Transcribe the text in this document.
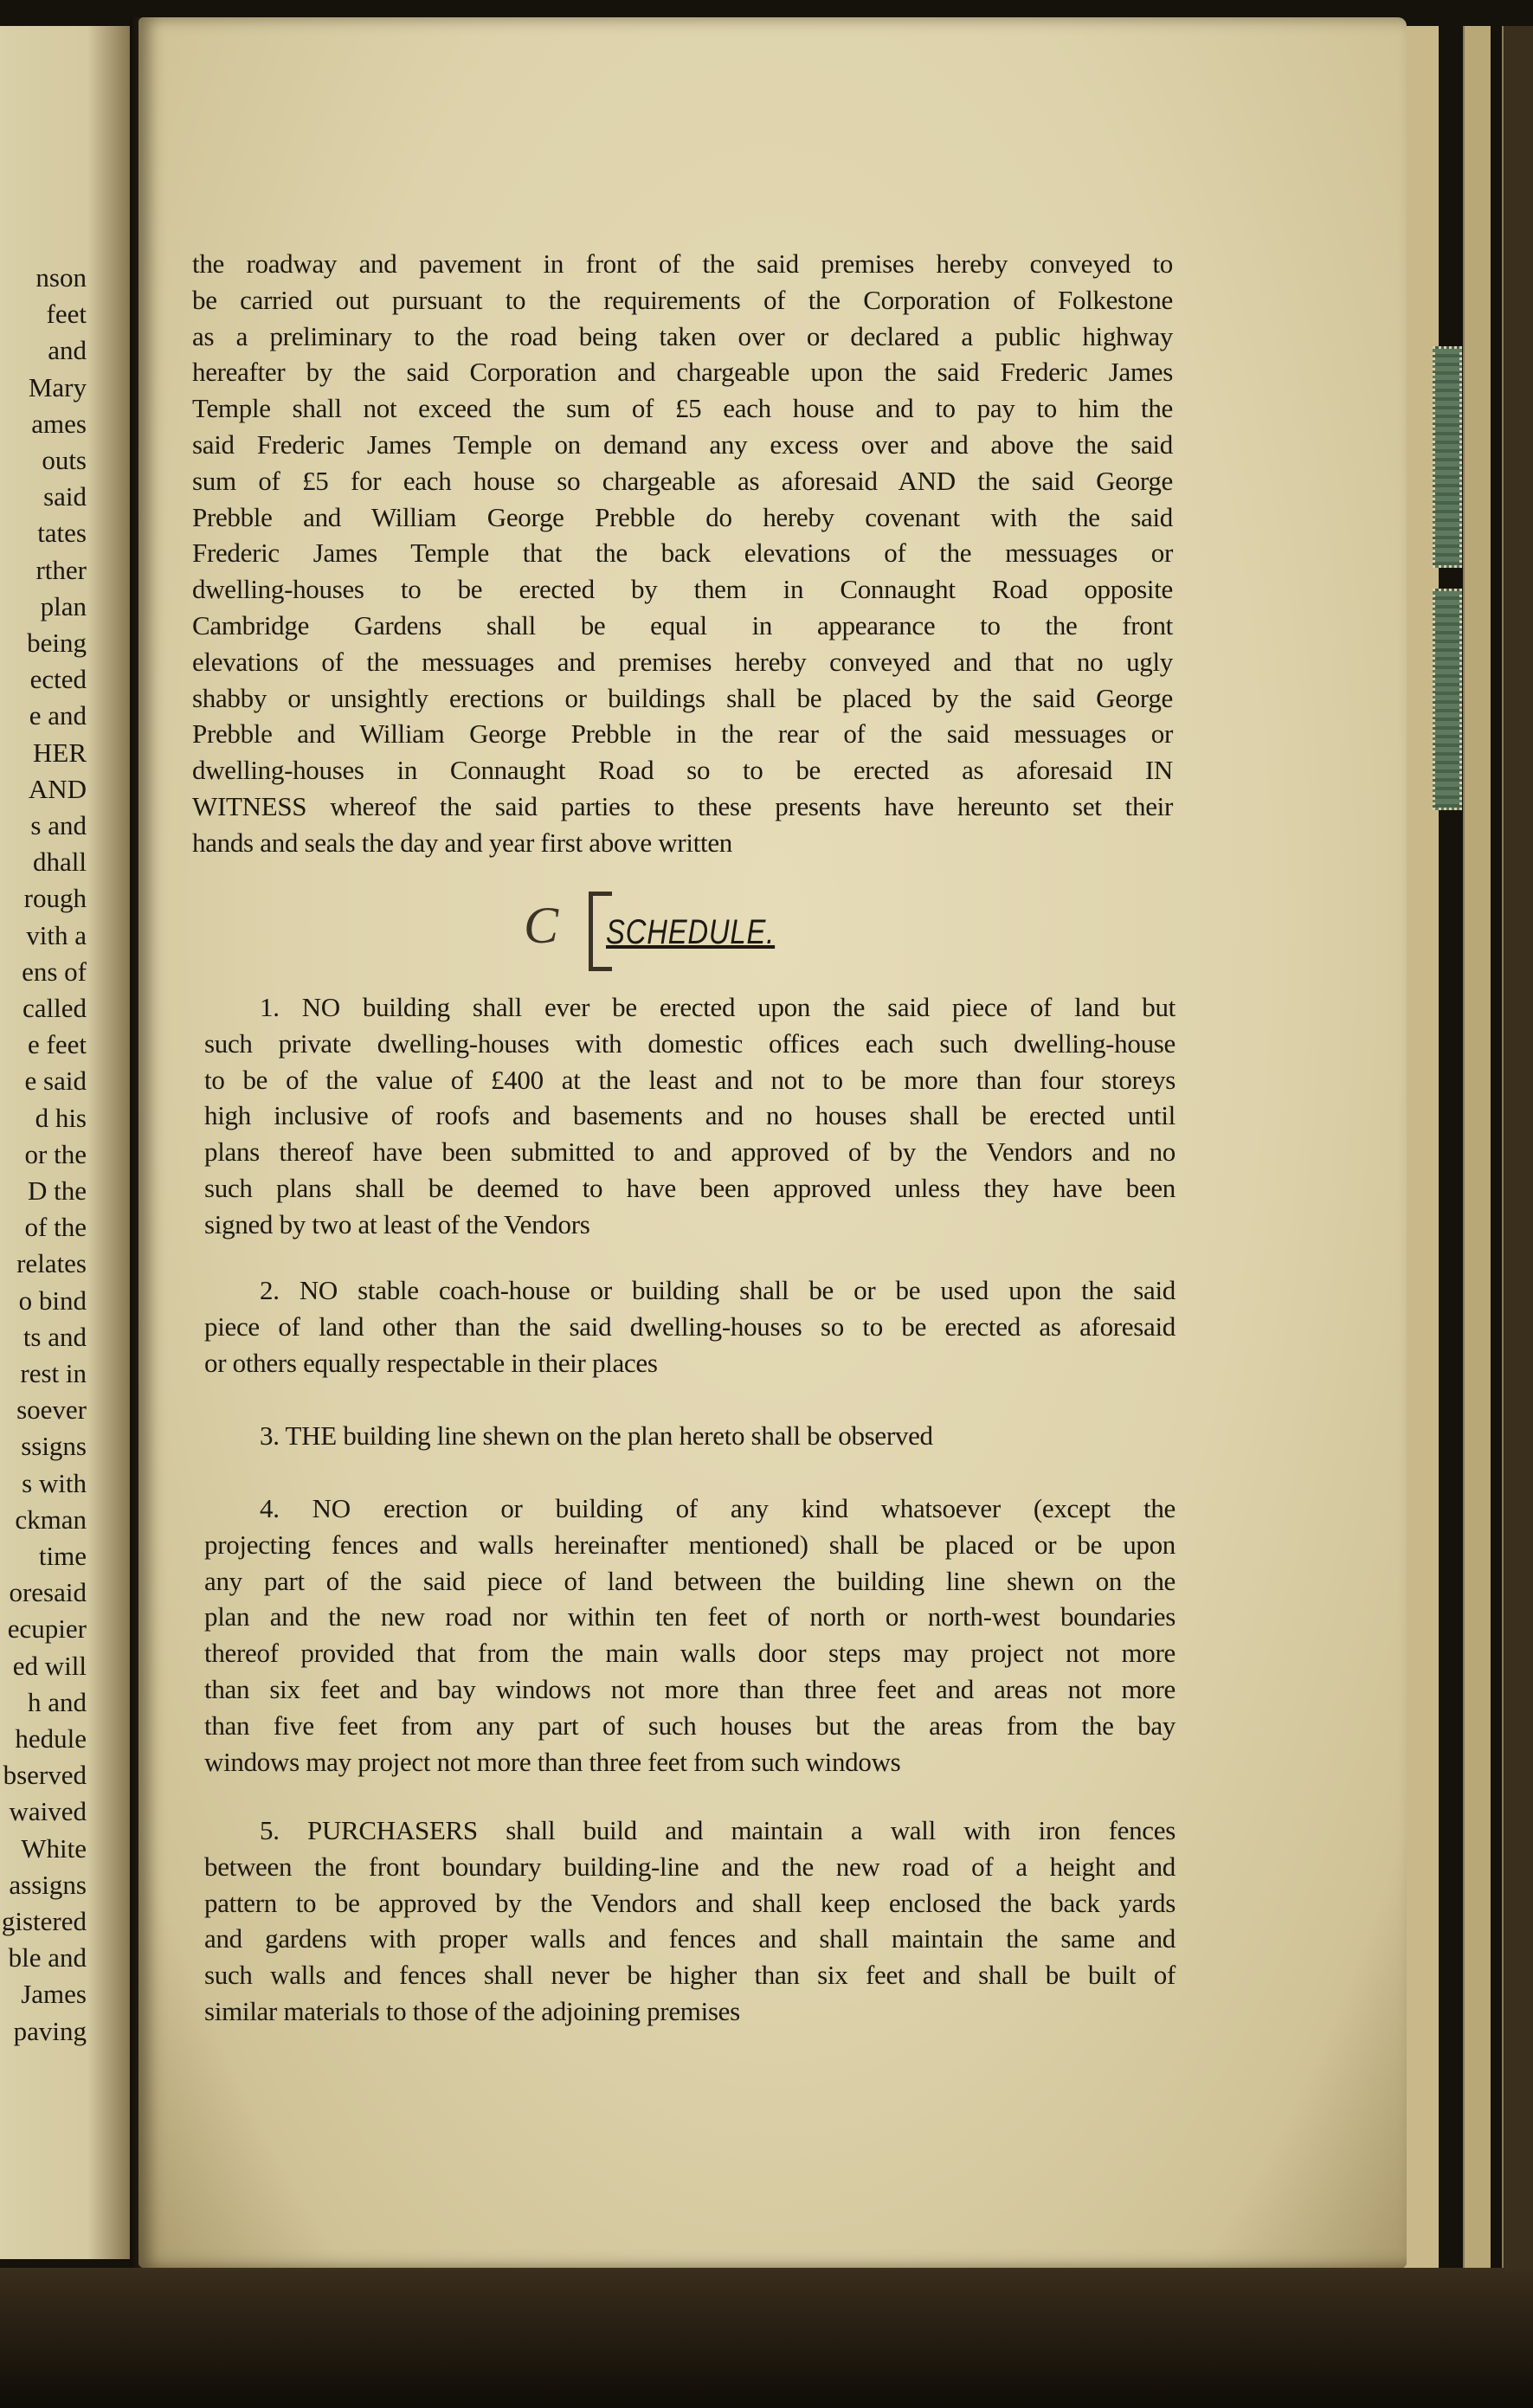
nson
feet
and
Mary
ames
outs
said
tates
rther
plan
being
ected
e and
HER
AND
s and
dhall
rough
vith a
ens of
called
e feet
e said
d his
or the
D the
of the
relates
o bind
ts and
rest in
soever
ssigns
s with
ckman
time
oresaid
ecupier
ed will
h and
hedule
bserved
waived
White
assigns
gistered
ble and
James
paving
the roadway and pavement in front of the said premises hereby conveyed to
be carried out pursuant to the requirements of the Corporation of Folkestone
as a preliminary to the road being taken over or declared a public highway
hereafter by the said Corporation and chargeable upon the said Frederic James
Temple shall not exceed the sum of £5 each house and to pay to him the
said Frederic James Temple on demand any excess over and above the said
sum of £5 for each house so chargeable as aforesaid AND the said George
Prebble and William George Prebble do hereby covenant with the said
Frederic James Temple that the back elevations of the messuages or
dwelling-houses to be erected by them in Connaught Road opposite
Cambridge Gardens shall be equal in appearance to the front
elevations of the messuages and premises hereby conveyed and that no ugly
shabby or unsightly erections or buildings shall be placed by the said George
Prebble and William George Prebble in the rear of the said messuages or
dwelling-houses in Connaught Road so to be erected as aforesaid IN
WITNESS whereof the said parties to these presents have hereunto set their
hands and seals the day and year first above written
1. NO building shall ever be erected upon the said piece of land but
such private dwelling-houses with domestic offices each such dwelling-house
to be of the value of £400 at the least and not to be more than four storeys
high inclusive of roofs and basements and no houses shall be erected until
plans thereof have been submitted to and approved of by the Vendors and no
such plans shall be deemed to have been approved unless they have been
signed by two at least of the Vendors
2. NO stable coach-house or building shall be or be used upon the said
piece of land other than the said dwelling-houses so to be erected as aforesaid
or others equally respectable in their places
3. THE building line shewn on the plan hereto shall be observed
4. NO erection or building of any kind whatsoever (except the
projecting fences and walls hereinafter mentioned) shall be placed or be upon
any part of the said piece of land between the building line shewn on the
plan and the new road nor within ten feet of north or north-west boundaries
thereof provided that from the main walls door steps may project not more
than six feet and bay windows not more than three feet and areas not more
than five feet from any part of such houses but the areas from the bay
windows may project not more than three feet from such windows
5. PURCHASERS shall build and maintain a wall with iron fences
between the front boundary building-line and the new road of a height and
pattern to be approved by the Vendors and shall keep enclosed the back yards
and gardens with proper walls and fences and shall maintain the same and
such walls and fences shall never be higher than six feet and shall be built of
similar materials to those of the adjoining premises
C SCHEDULE.
